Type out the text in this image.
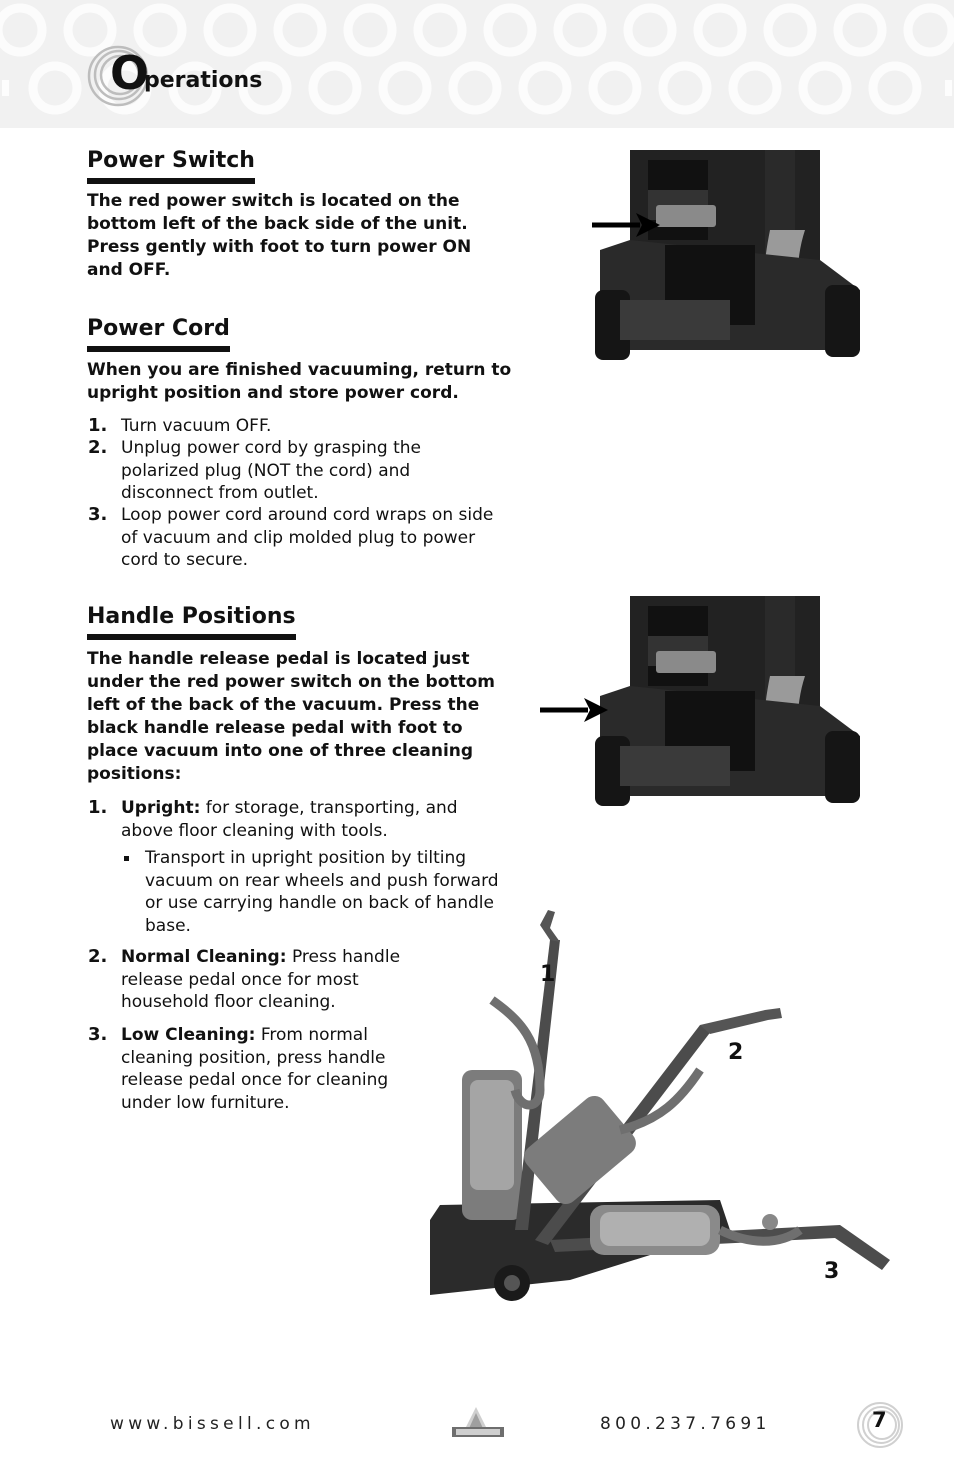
O
perations
Power Switch
The red power switch is located on the bottom left of the back side of the unit. Press gently with foot to turn power ON and OFF.
Power Cord
When you are finished vacuuming, return to upright position and store power cord.
1. Turn vacuum OFF.
2. Unplug power cord by grasping the polarized plug (NOT the cord) and disconnect from outlet.
3. Loop power cord around cord wraps on side of vacuum and clip molded plug to power cord to secure.
Handle Positions
The handle release pedal is located just under the red power switch on the bottom left of the back of the vacuum. Press the black handle release pedal with foot to place vacuum into one of three cleaning positions:
1. Upright: for storage, transporting, and above floor cleaning with tools.
Transport in upright position by tilting vacuum on rear wheels and push forward or use carrying handle on back of handle base.
2. Normal Cleaning: Press handle release pedal once for most household floor cleaning.
3. Low Cleaning: From normal cleaning position, press handle release pedal once for cleaning under low furniture.
1
2
3
www.bissell.com	800.237.7691	7
